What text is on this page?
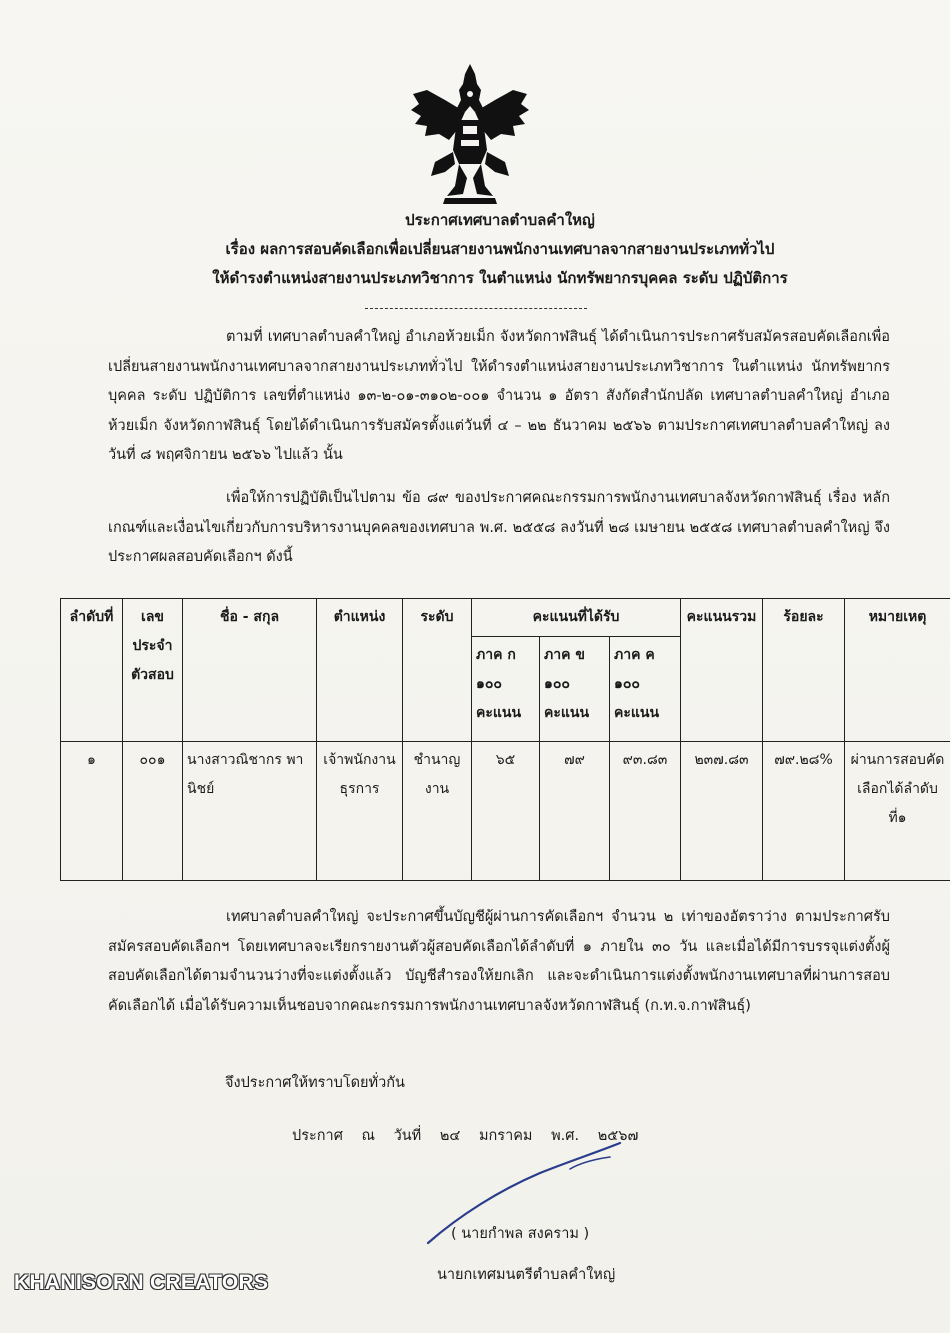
ประกาศเทศบาลตำบลคำใหญ่
เรื่อง ผลการสอบคัดเลือกเพื่อเปลี่ยนสายงานพนักงานเทศบาลจากสายงานประเภททั่วไป
ให้ดำรงตำแหน่งสายงานประเภทวิชาการ ในตำแหน่ง นักทรัพยากรบุคคล ระดับ ปฏิบัติการ
ตามที่ เทศบาลตำบลคำใหญ่ อำเภอห้วยเม็ก จังหวัดกาฬสินธุ์ ได้ดำเนินการประกาศรับสมัครสอบคัดเลือกเพื่อเปลี่ยนสายงานพนักงานเทศบาลจากสายงานประเภททั่วไป ให้ดำรงตำแหน่งสายงานประเภทวิชาการ ในตำแหน่ง นักทรัพยากรบุคคล ระดับ ปฏิบัติการ เลขที่ตำแหน่ง ๑๓-๒-๐๑-๓๑๐๒-๐๐๑ จำนวน ๑ อัตรา สังกัดสำนักปลัด เทศบาลตำบลคำใหญ่ อำเภอห้วยเม็ก จังหวัดกาฬสินธุ์ โดยได้ดำเนินการรับสมัครตั้งแต่วันที่ ๔ – ๒๒ ธันวาคม ๒๕๖๖ ตามประกาศเทศบาลตำบลคำใหญ่ ลงวันที่ ๘ พฤศจิกายน ๒๕๖๖ ไปแล้ว นั้น
เพื่อให้การปฏิบัติเป็นไปตาม ข้อ ๘๙ ของประกาศคณะกรรมการพนักงานเทศบาลจังหวัดกาฬสินธุ์ เรื่อง หลักเกณฑ์และเงื่อนไขเกี่ยวกับการบริหารงานบุคคลของเทศบาล พ.ศ. ๒๕๕๘ ลงวันที่ ๒๘ เมษายน ๒๕๕๘ เทศบาลตำบลคำใหญ่ จึงประกาศผลสอบคัดเลือกฯ ดังนี้
ลำดับที่	เลขประจำตัวสอบ	ชื่อ - สกุล	ตำแหน่ง	ระดับ	คะแนนที่ได้รับ			คะแนนรวม	ร้อยละ	หมายเหตุ
					ภาค ก ๑๐๐ คะแนน	ภาค ข ๑๐๐ คะแนน	ภาค ค ๑๐๐ คะแนน			
๑	๐๐๑	นางสาวณิชากร พานิชย์	เจ้าพนักงานธุรการ	ชำนาญงาน	๖๕	๗๙	๙๓.๘๓	๒๓๗.๘๓	๗๙.๒๘%	ผ่านการสอบคัดเลือกได้ลำดับที่๑
เทศบาลตำบลคำใหญ่ จะประกาศขึ้นบัญชีผู้ผ่านการคัดเลือกฯ จำนวน ๒ เท่าของอัตราว่าง ตามประกาศรับสมัครสอบคัดเลือกฯ โดยเทศบาลจะเรียกรายงานตัวผู้สอบคัดเลือกได้ลำดับที่ ๑ ภายใน ๓๐ วัน และเมื่อได้มีการบรรจุแต่งตั้งผู้สอบคัดเลือกได้ตามจำนวนว่างที่จะแต่งตั้งแล้ว บัญชีสำรองให้ยกเลิก และจะดำเนินการแต่งตั้งพนักงานเทศบาลที่ผ่านการสอบคัดเลือกได้ เมื่อได้รับความเห็นชอบจากคณะกรรมการพนักงานเทศบาลจังหวัดกาฬสินธุ์ (ก.ท.จ.กาฬสินธุ์)
จึงประกาศให้ทราบโดยทั่วกัน
ประกาศ ณ วันที่ ๒๔ มกราคม พ.ศ. ๒๕๖๗
( นายกำพล สงคราม )
นายกเทศมนตรีตำบลคำใหญ่
KHANISORN CREATORS
